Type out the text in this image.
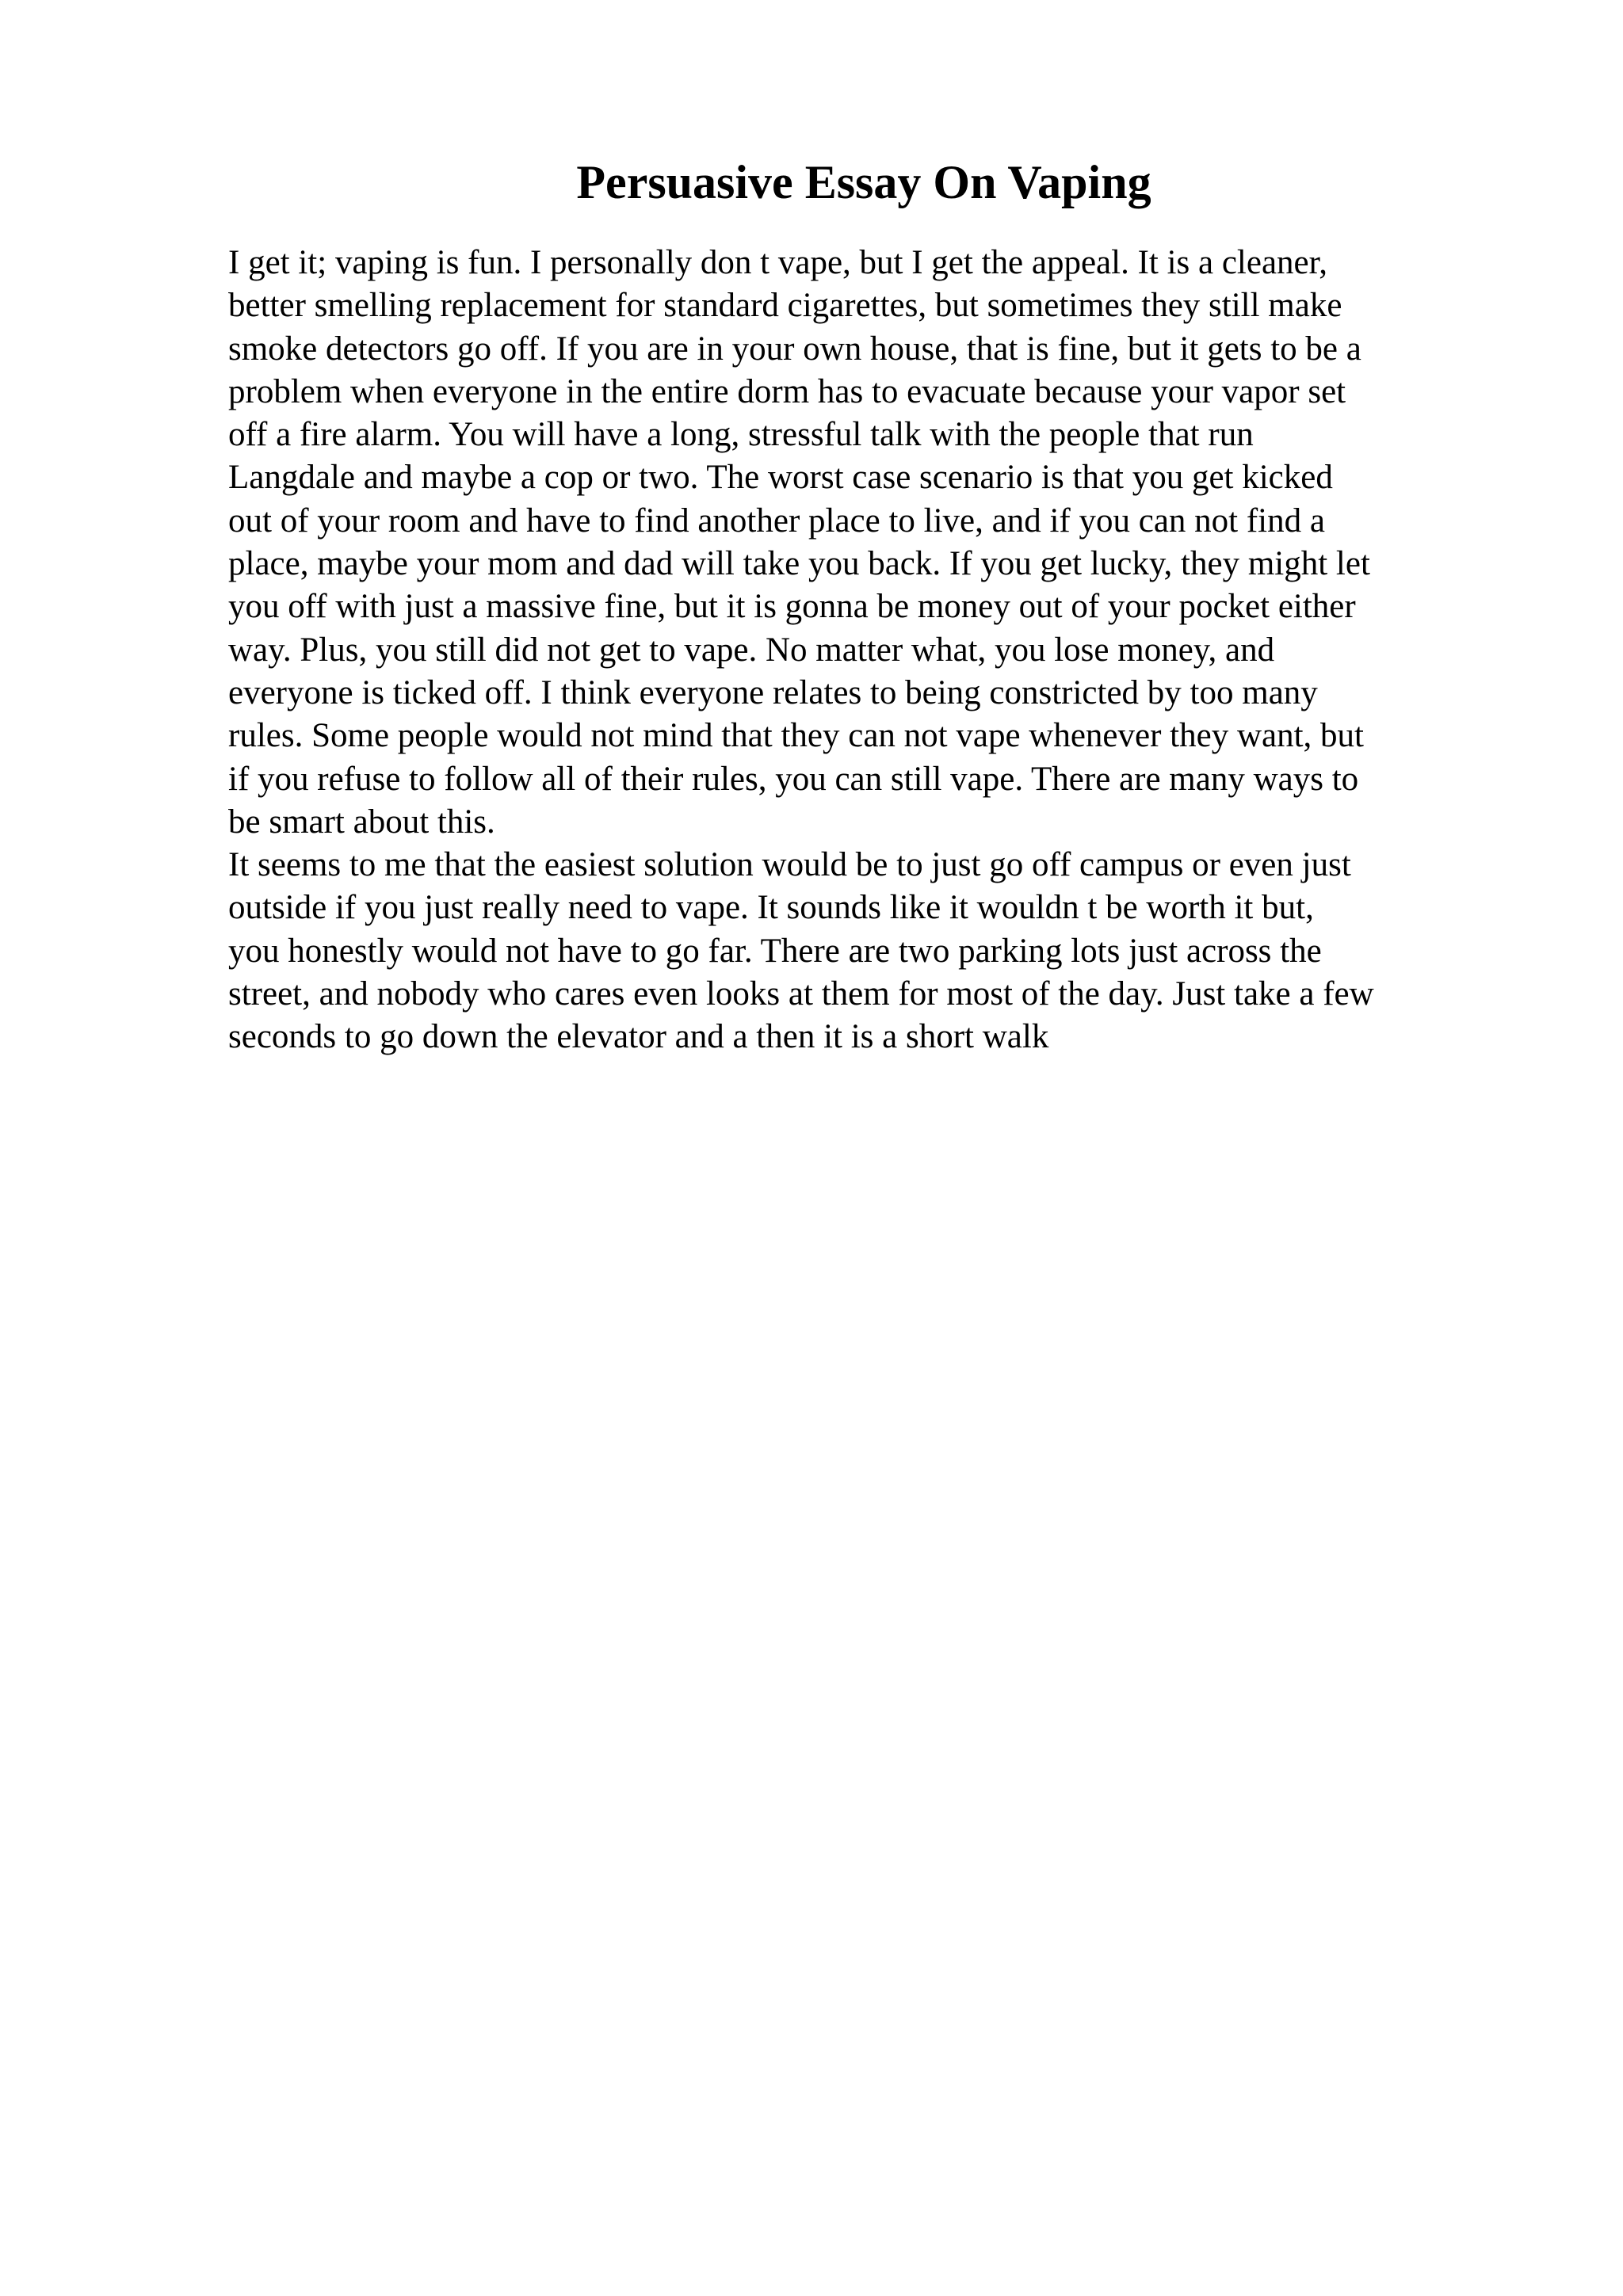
Persuasive Essay On Vaping
I get it; vaping is fun. I personally don t vape, but I get the appeal. It is a cleaner,
better smelling replacement for standard cigarettes, but sometimes they still make
smoke detectors go off. If you are in your own house, that is fine, but it gets to be a
problem when everyone in the entire dorm has to evacuate because your vapor set
off a fire alarm. You will have a long, stressful talk with the people that run
Langdale and maybe a cop or two. The worst case scenario is that you get kicked
out of your room and have to find another place to live, and if you can not find a
place, maybe your mom and dad will take you back. If you get lucky, they might let
you off with just a massive fine, but it is gonna be money out of your pocket either
way. Plus, you still did not get to vape. No matter what, you lose money, and
everyone is ticked off. I think everyone relates to being constricted by too many
rules. Some people would not mind that they can not vape whenever they want, but
if you refuse to follow all of their rules, you can still vape. There are many ways to
be smart about this.
It seems to me that the easiest solution would be to just go off campus or even just
outside if you just really need to vape. It sounds like it wouldn t be worth it but,
you honestly would not have to go far. There are two parking lots just across the
street, and nobody who cares even looks at them for most of the day. Just take a few
seconds to go down the elevator and a then it is a short walk
